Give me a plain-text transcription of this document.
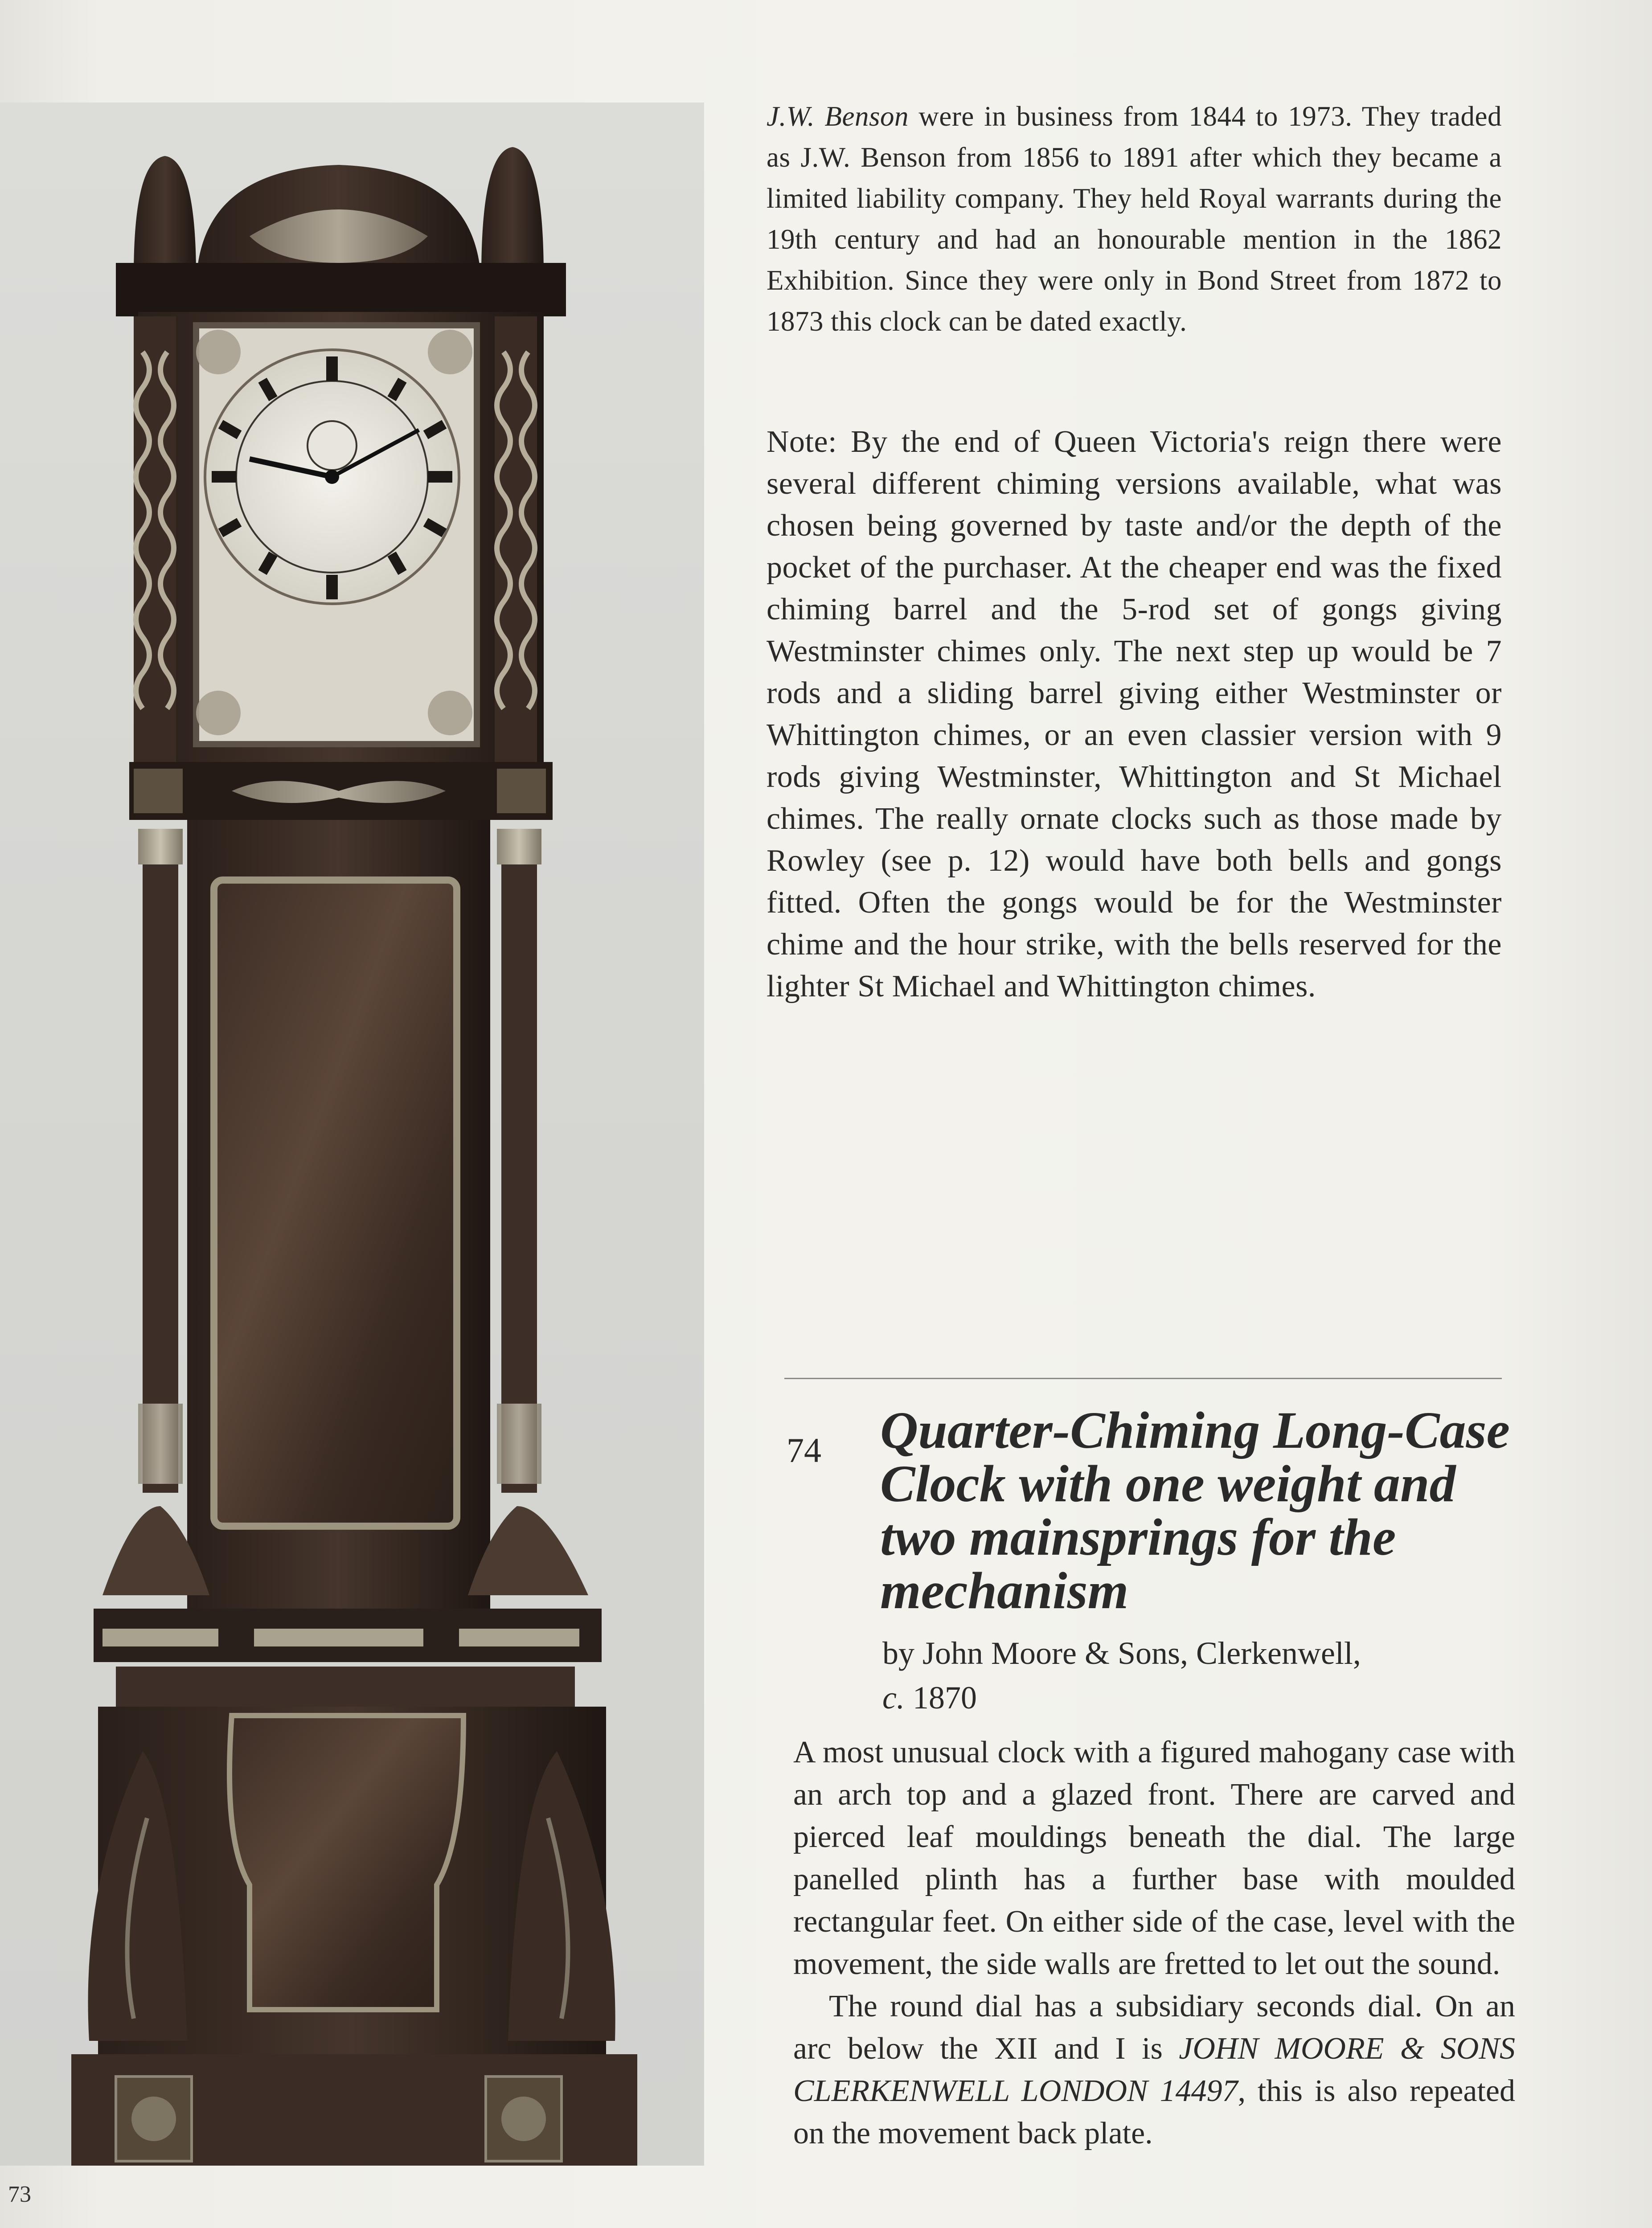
73

J.W. Benson were in business from 1844 to 1973. They traded as J.W. Benson from 1856 to 1891 after which they became a limited liability company. They held Royal warrants during the 19th century and had an honourable mention in the 1862 Exhibition. Since they were only in Bond Street from 1872 to 1873 this clock can be dated exactly.

Note: By the end of Queen Victoria's reign there were several different chiming versions available, what was chosen being governed by taste and/or the depth of the pocket of the purchaser. At the cheaper end was the fixed chiming barrel and the 5-rod set of gongs giving Westminster chimes only. The next step up would be 7 rods and a sliding barrel giving either Westminster or Whittington chimes, or an even classier version with 9 rods giving Westminster, Whittington and St Michael chimes. The really ornate clocks such as those made by Rowley (see p. 12) would have both bells and gongs fitted. Often the gongs would be for the Westminster chime and the hour strike, with the bells reserved for the lighter St Michael and Whittington chimes.

74 Quarter-Chiming Long-Case Clock with one weight and two mainsprings for the mechanism
by John Moore & Sons, Clerkenwell,
c. 1870

A most unusual clock with a figured mahogany case with an arch top and a glazed front. There are carved and pierced leaf mouldings beneath the dial. The large panelled plinth has a further base with moulded rectangular feet. On either side of the case, level with the movement, the side walls are fretted to let out the sound.

The round dial has a subsidiary seconds dial. On an arc below the XII and I is JOHN MOORE & SONS CLERKENWELL LONDON 14497, this is also repeated on the movement back plate.
